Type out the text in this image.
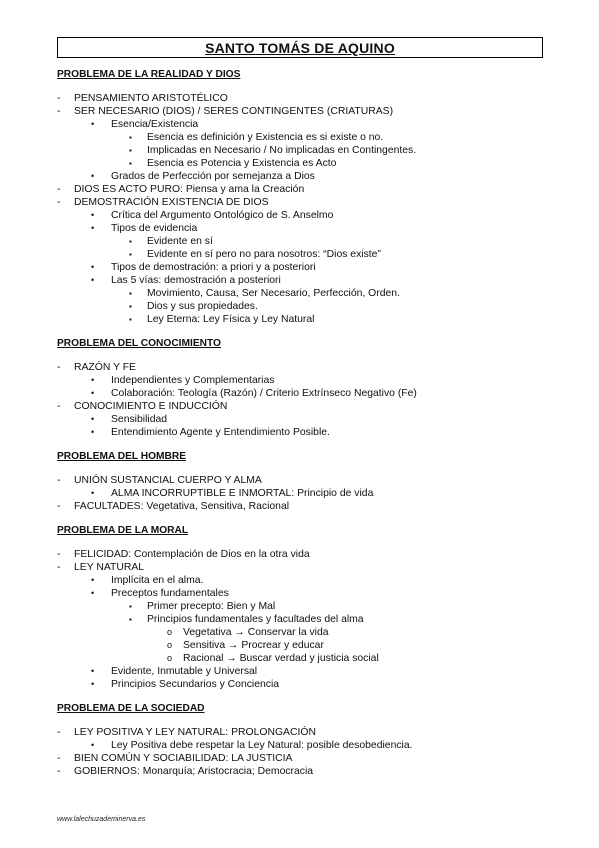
SANTO TOMÁS DE AQUINO
PROBLEMA DE LA REALIDAD Y DIOS
- PENSAMIENTO ARISTOTÉLICO
- SER NECESARIO (DIOS) / SERES CONTINGENTES (CRIATURAS)
• Esencia/Existencia
▪ Esencia es definición y Existencia es si existe o no.
▪ Implicadas en Necesario / No implicadas en Contingentes.
▪ Esencia es Potencia y Existencia es Acto
• Grados de Perfección por semejanza a Dios
- DIOS ES ACTO PURO: Piensa y ama la Creación
- DEMOSTRACIÓN EXISTENCIA DE DIOS
• Crítica del Argumento Ontológico de S. Anselmo
• Tipos de evidencia
▪ Evidente en sí
▪ Evidente en sí pero no para nosotros: “Dios existe”
• Tipos de demostración: a priori y a posteriori
• Las 5 vías: demostración a posteriori
▪ Movimiento, Causa, Ser Necesario, Perfección, Orden.
▪ Dios y sus propiedades.
▪ Ley Eterna: Ley Física y Ley Natural
PROBLEMA DEL CONOCIMIENTO
- RAZÓN Y FE
• Independientes y Complementarias
• Colaboración: Teología (Razón) / Criterio Extrínseco Negativo (Fe)
- CONOCIMIENTO E INDUCCIÓN
• Sensibilidad
• Entendimiento Agente y Entendimiento Posible.
PROBLEMA DEL HOMBRE
- UNIÓN SUSTANCIAL CUERPO Y ALMA
• ALMA INCORRUPTIBLE E INMORTAL: Principio de vida
- FACULTADES: Vegetativa, Sensitiva, Racional
PROBLEMA DE LA MORAL
- FELICIDAD: Contemplación de Dios en la otra vida
- LEY NATURAL
• Implícita en el alma.
• Preceptos fundamentales
▪ Primer precepto: Bien y Mal
▪ Principios fundamentales y facultades del alma
o Vegetativa → Conservar la vida
o Sensitiva → Procrear y educar
o Racional → Buscar verdad y justicia social
• Evidente, Inmutable y Universal
• Principios Secundarios y Conciencia
PROBLEMA DE LA SOCIEDAD
- LEY POSITIVA Y LEY NATURAL: PROLONGACIÓN
• Ley Positiva debe respetar la Ley Natural: posible desobediencia.
- BIEN COMÚN Y SOCIABILIDAD: LA JUSTICIA
- GOBIERNOS: Monarquía; Aristocracia; Democracia
www.lalechuzademinerva.es
